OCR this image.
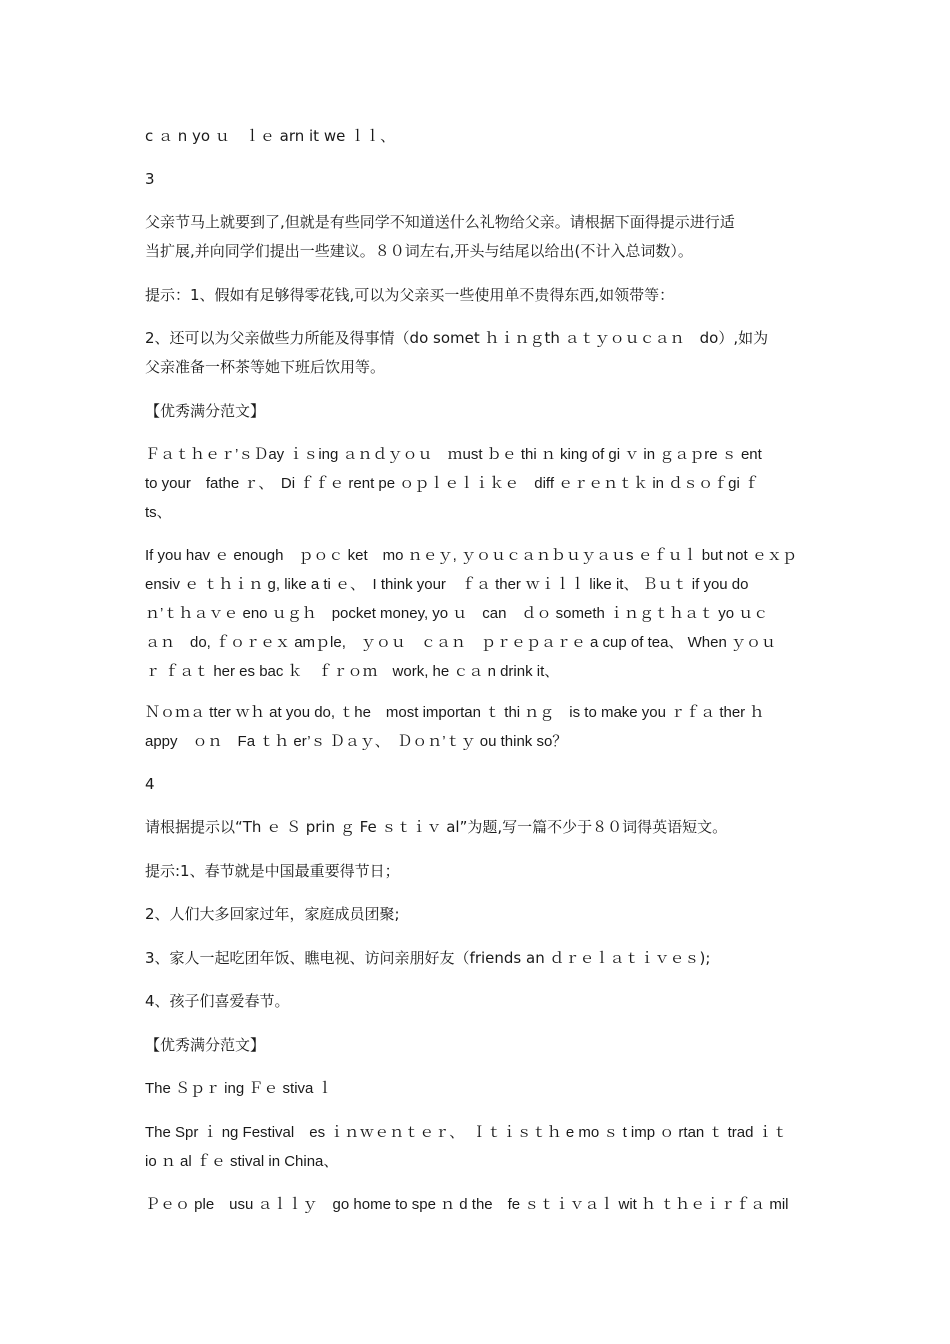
c ａ n yo ｕ　ｌｅ arn it we ｌｌ、

3

父亲节马上就要到了,但就是有些同学不知道送什么礼物给父亲。请根据下面得提示进行适
当扩展,并向同学们提出一些建议。８０词左右,开头与结尾以给出(不计入总词数）。

提示：1、假如有足够得零花钱,可以为父亲买一些使用单不贵得东西,如领带等：

2、还可以为父亲做些力所能及得事情（do somet ｈｉｎｇth ａｔｙｏｕｃａｎ　do）,如为
父亲准备一杯茶等她下班后饮用等。

【优秀满分范文】

Ｆａｔｈｅｒ’ｓＤay ｉｓing ａｎｄｙｏｕ　ｍust ｂｅ thi ｎ king of gi ｖ in ｇａｐre ｓ ent
to your　fathe ｒ、　Di ｆｆｅ rent pe ｏｐｌｅｌｉｋｅ　diff ｅｒｅｎｔｋ in ｄｓｏｆgi ｆ
ts、

If you hav ｅ enough　ｐｏｃ ket　mo ｎｅｙ, ｙｏｕｃａｎｂｕｙａｕs ｅｆｕｌ but not ｅｘｐ
ensiv ｅ ｔｈｉｎ g, like a ti ｅ、　I think your　ｆａ ther ｗｉｌｌ like it、 Ｂｕｔ if you do
ｎ’ｔｈａｖｅ eno ｕｇｈ　pocket money, yo ｕ　can　ｄｏ someth ｉｎｇｔｈａｔ yo ｕｃ
ａｎ　do, ｆｏｒｅｘ amｐle,　ｙｏｕ　ｃａｎ　ｐｒｅｐａｒｅ a cup of tea、 When ｙｏｕ
ｒ ｆａｔ her es bac ｋ　ｆｒｏｍ　work, he ｃａ n drink it、

Ｎｏｍａ tter ｗｈ at you do, ｔhe　most importan ｔ thi ｎｇ　is to make you ｒｆａ ther ｈ
appy　ｏｎ　Fa ｔｈ er’ｓ Ｄａｙ、　Ｄｏｎ’ｔｙ ou think so？

4

请根据提示以“Th ｅ Ｓ prin ｇ Fe ｓｔｉｖ al”为题,写一篇不少于８０词得英语短文。

提示:1、春节就是中国最重要得节日；

2、人们大多回家过年，家庭成员团聚;

3、家人一起吃团年饭、瞧电视、访问亲朋好友（friends an ｄｒｅｌａｔｉｖｅｓ);

4、孩子们喜爱春节。

【优秀满分范文】

The Ｓｐｒ ing Ｆｅ stiva ｌ

The Spr ｉ ng Festival　es ｉｎｗｅｎｔｅｒ、　Ｉｔｉｓｔｈ e mo ｓ t imp ｏ rtan ｔ trad ｉｔ
io ｎ al ｆｅ stival in China、

Ｐｅｏ ple　usu ａｌｌｙ　go home to spe ｎ d the　fe ｓｔｉｖａｌ wit ｈ ｔｈｅｉｒｆａ mil
